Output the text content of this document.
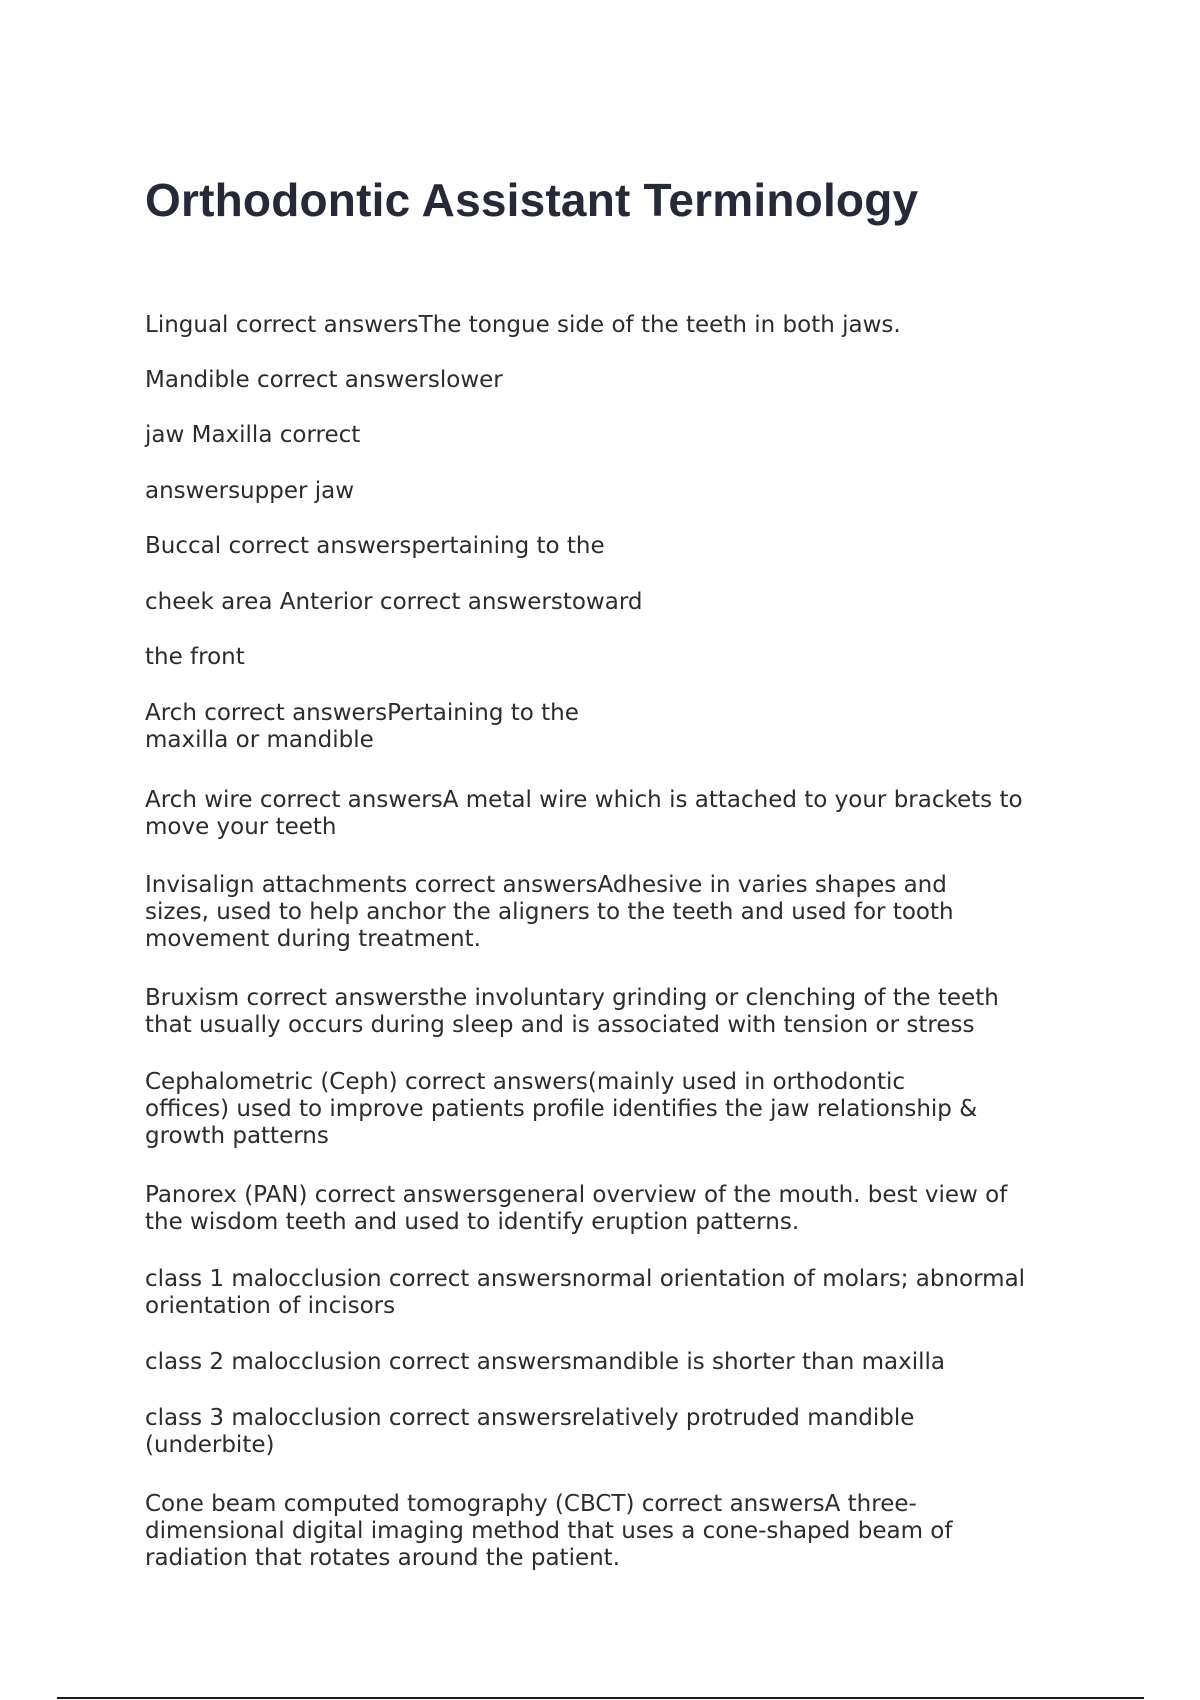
Orthodontic Assistant Terminology

Lingual correct answersThe tongue side of the teeth in both jaws.

Mandible correct answerslower

jaw Maxilla correct

answersupper jaw

Buccal correct answerspertaining to the

cheek area Anterior correct answerstoward

the front

Arch correct answersPertaining to the
maxilla or mandible

Arch wire correct answersA metal wire which is attached to your brackets to
move your teeth

Invisalign attachments correct answersAdhesive in varies shapes and
sizes, used to help anchor the aligners to the teeth and used for tooth
movement during treatment.

Bruxism correct answersthe involuntary grinding or clenching of the teeth
that usually occurs during sleep and is associated with tension or stress

Cephalometric (Ceph) correct answers(mainly used in orthodontic
offices) used to improve patients profile identifies the jaw relationship &
growth patterns

Panorex (PAN) correct answersgeneral overview of the mouth. best view of
the wisdom teeth and used to identify eruption patterns.

class 1 malocclusion correct answersnormal orientation of molars; abnormal
orientation of incisors

class 2 malocclusion correct answersmandible is shorter than maxilla

class 3 malocclusion correct answersrelatively protruded mandible
(underbite)

Cone beam computed tomography (CBCT) correct answersA three-
dimensional digital imaging method that uses a cone-shaped beam of
radiation that rotates around the patient.
